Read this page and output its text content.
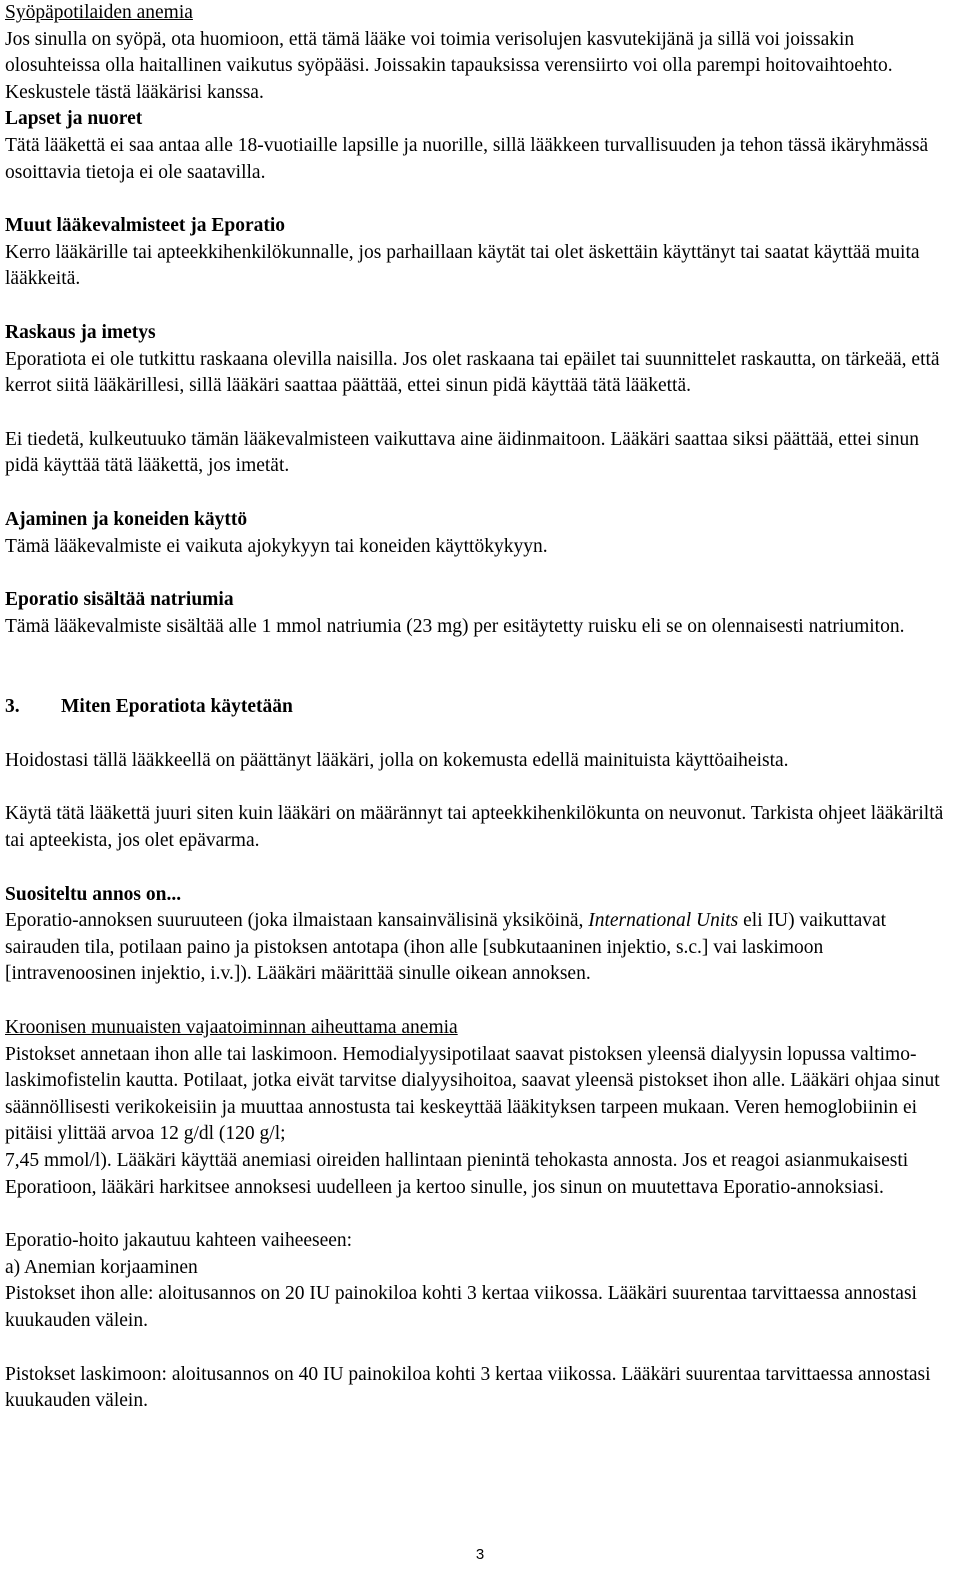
Syöpäpotilaiden anemia

Jos sinulla on syöpä, ota huomioon, että tämä lääke voi toimia verisolujen kasvutekijänä ja sillä voi joissakin olosuhteissa olla haitallinen vaikutus syöpääsi. Joissakin tapauksissa verensiirto voi olla parempi hoitovaihtoehto. Keskustele tästä lääkärisi kanssa.

Lapset ja nuoret

Tätä lääkettä ei saa antaa alle 18-vuotiaille lapsille ja nuorille, sillä lääkkeen turvallisuuden ja tehon tässä ikäryhmässä osoittavia tietoja ei ole saatavilla.

Muut lääkevalmisteet ja Eporatio

Kerro lääkärille tai apteekkihenkilökunnalle, jos parhaillaan käytät tai olet äskettäin käyttänyt tai saatat käyttää muita lääkkeitä.

Raskaus ja imetys

Eporatiota ei ole tutkittu raskaana olevilla naisilla. Jos olet raskaana tai epäilet tai suunnittelet raskautta, on tärkeää, että kerrot siitä lääkärillesi, sillä lääkäri saattaa päättää, ettei sinun pidä käyttää tätä lääkettä.

Ei tiedetä, kulkeutuuko tämän lääkevalmisteen vaikuttava aine äidinmaitoon. Lääkäri saattaa siksi päättää, ettei sinun pidä käyttää tätä lääkettä, jos imetät.

Ajaminen ja koneiden käyttö

Tämä lääkevalmiste ei vaikuta ajokykyyn tai koneiden käyttökykyyn.

Eporatio sisältää natriumia

Tämä lääkevalmiste sisältää alle 1 mmol natriumia (23 mg) per esitäytetty ruisku eli se on olennaisesti natriumiton.

3. Miten Eporatiota käytetään

Hoidostasi tällä lääkkeellä on päättänyt lääkäri, jolla on kokemusta edellä mainituista käyttöaiheista.

Käytä tätä lääkettä juuri siten kuin lääkäri on määrännyt tai apteekkihenkilökunta on neuvonut. Tarkista ohjeet lääkäriltä tai apteekista, jos olet epävarma.

Suositeltu annos on...

Eporatio-annoksen suuruuteen (joka ilmaistaan kansainvälisinä yksiköinä, International Units eli IU) vaikuttavat sairauden tila, potilaan paino ja pistoksen antotapa (ihon alle [subkutaaninen injektio, s.c.] vai laskimoon [intravenoosinen injektio, i.v.]). Lääkäri määrittää sinulle oikean annoksen.

Kroonisen munuaisten vajaatoiminnan aiheuttama anemia

Pistokset annetaan ihon alle tai laskimoon. Hemodialyysipotilaat saavat pistoksen yleensä dialyysin lopussa valtimo-laskimofistelin kautta. Potilaat, jotka eivät tarvitse dialyysihoitoa, saavat yleensä pistokset ihon alle. Lääkäri ohjaa sinut säännöllisesti verikokeisiin ja muuttaa annostusta tai keskeyttää lääkityksen tarpeen mukaan. Veren hemoglobiinin ei pitäisi ylittää arvoa 12 g/dl (120 g/l;

7,45 mmol/l). Lääkäri käyttää anemiasi oireiden hallintaan pienintä tehokasta annosta. Jos et reagoi asianmukaisesti Eporatioon, lääkäri harkitsee annoksesi uudelleen ja kertoo sinulle, jos sinun on muutettava Eporatio-annoksiasi.

Eporatio-hoito jakautuu kahteen vaiheeseen:

a) Anemian korjaaminen

Pistokset ihon alle: aloitusannos on 20 IU painokiloa kohti 3 kertaa viikossa. Lääkäri suurentaa tarvittaessa annostasi kuukauden välein.

Pistokset laskimoon: aloitusannos on 40 IU painokiloa kohti 3 kertaa viikossa. Lääkäri suurentaa tarvittaessa annostasi kuukauden välein.

3
